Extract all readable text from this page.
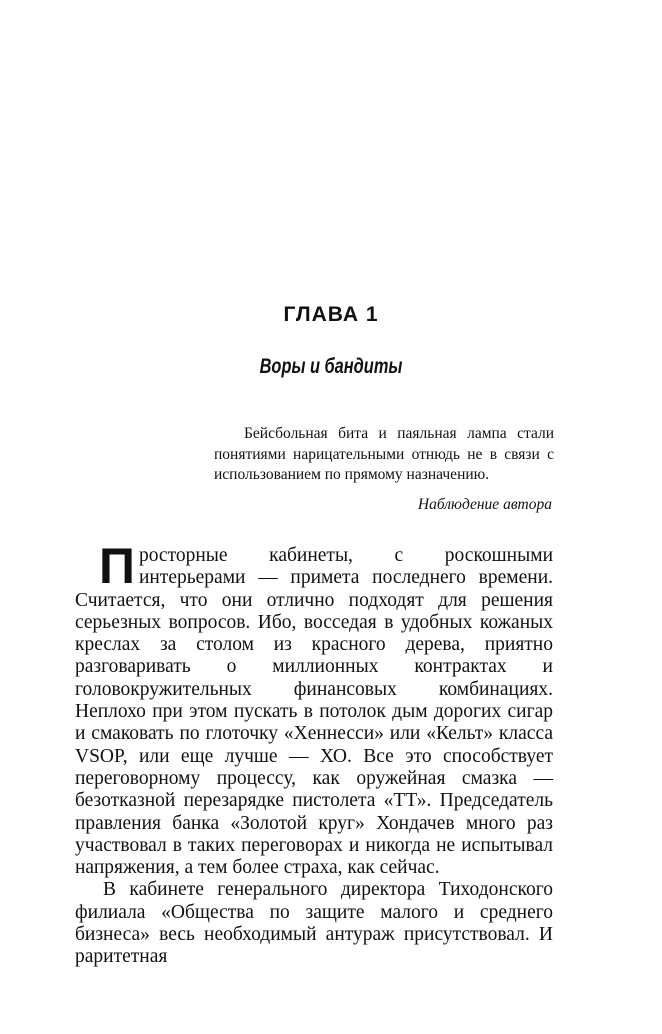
ГЛАВА 1
Воры и бандиты
Бейсбольная бита и паяльная лампа стали понятиями нарицательными отнюдь не в связи с использованием по прямому назначению.
Наблюдение автора

Просторные кабинеты, с роскошными интерьерами — примета последнего времени. Считается, что они отлично подходят для решения серьезных вопросов. Ибо, восседая в удобных кожаных креслах за столом из красного дерева, приятно разговаривать о миллионных контрактах и головокружительных финансовых комбинациях. Неплохо при этом пускать в потолок дым дорогих сигар и смаковать по глоточку «Хеннесси» или «Кельт» класса VSOP, или еще лучше — ХО. Все это способствует переговорному процессу, как оружейная смазка — безотказной перезарядке пистолета «ТТ». Председатель правления банка «Золотой круг» Хондачев много раз участвовал в таких переговорах и никогда не испытывал напряжения, а тем более страха, как сейчас.

В кабинете генерального директора Тиходонского филиала «Общества по защите малого и среднего бизнеса» весь необходимый антураж присутствовал. И раритетная
